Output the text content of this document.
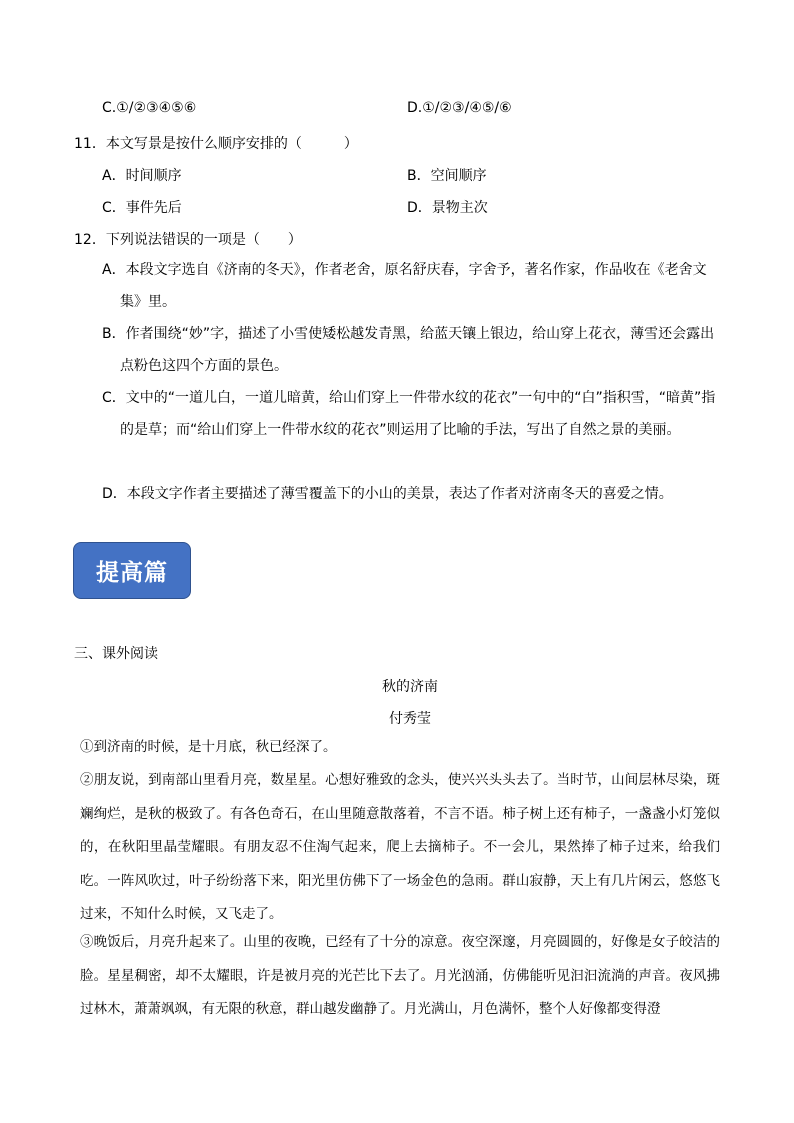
C.①/②③④⑤⑥	D.①/②③/④⑤/⑥
11．本文写景是按什么顺序安排的（　　　）
A．时间顺序	B．空间顺序
C．事件先后	D．景物主次
12．下列说法错误的一项是（　　）
A．本段文字选自《济南的冬天》，作者老舍，原名舒庆春，字舍予，著名作家，作品收在《老舍文集》里。
B．作者围绕“妙”字，描述了小雪使矮松越发青黑，给蓝天镶上银边，给山穿上花衣，薄雪还会露出点粉色这四个方面的景色。
C．文中的“一道儿白，一道儿暗黄，给山们穿上一件带水纹的花衣”一句中的“白”指积雪，“暗黄”指的是草；而“给山们穿上一件带水纹的花衣”则运用了比喻的手法，写出了自然之景的美丽。
D．本段文字作者主要描述了薄雪覆盖下的小山的美景，表达了作者对济南冬天的喜爱之情。
提高篇
三、课外阅读
秋的济南
付秀莹
①到济南的时候，是十月底，秋已经深了。
②朋友说，到南部山里看月亮，数星星。心想好雅致的念头，使兴兴头头去了。当时节，山间层林尽染，斑斓绚烂，是秋的极致了。有各色奇石，在山里随意散落着，不言不语。柿子树上还有柿子，一盏盏小灯笼似的，在秋阳里晶莹耀眼。有朋友忍不住淘气起来，爬上去摘柿子。不一会儿，果然捧了柿子过来，给我们吃。一阵风吹过，叶子纷纷落下来，阳光里仿佛下了一场金色的急雨。群山寂静，天上有几片闲云，悠悠飞过来，不知什么时候，又飞走了。
③晚饭后，月亮升起来了。山里的夜晚，已经有了十分的凉意。夜空深邃，月亮圆圆的，好像是女子皎洁的脸。星星稠密，却不太耀眼，许是被月亮的光芒比下去了。月光汹涌，仿佛能听见汩汩流淌的声音。夜风拂过林木，萧萧飒飒，有无限的秋意，群山越发幽静了。月光满山，月色满怀，整个人好像都变得澄
